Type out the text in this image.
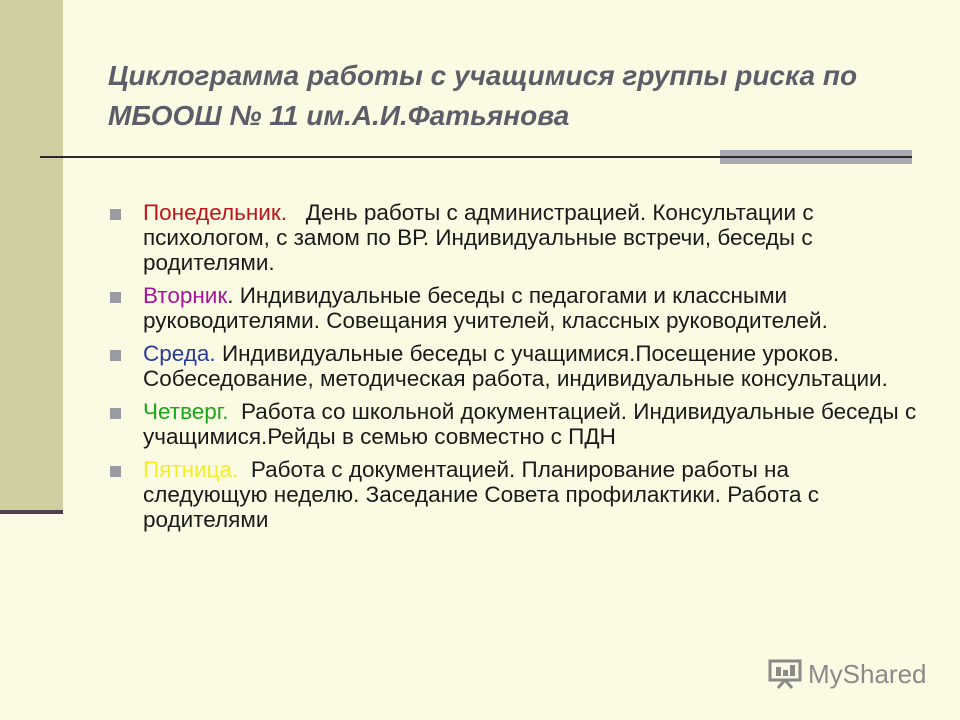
Циклограмма работы с учащимися группы риска по МБООШ № 11 им.А.И.Фатьянова
Понедельник.   День работы с администрацией. Консультации с психологом, с замом по ВР. Индивидуальные встречи, беседы с родителями.
Вторник. Индивидуальные беседы с педагогами и классными руководителями. Совещания учителей, классных руководителей.
Среда. Индивидуальные беседы с учащимися.Посещение уроков. Собеседование, методическая работа, индивидуальные консультации.
Четверг.  Работа со школьной документацией. Индивидуальные беседы с учащимися.Рейды в семью совместно с ПДН
Пятница.  Работа с документацией. Планирование работы на следующую неделю. Заседание Совета профилактики. Работа с родителями
MyShared
